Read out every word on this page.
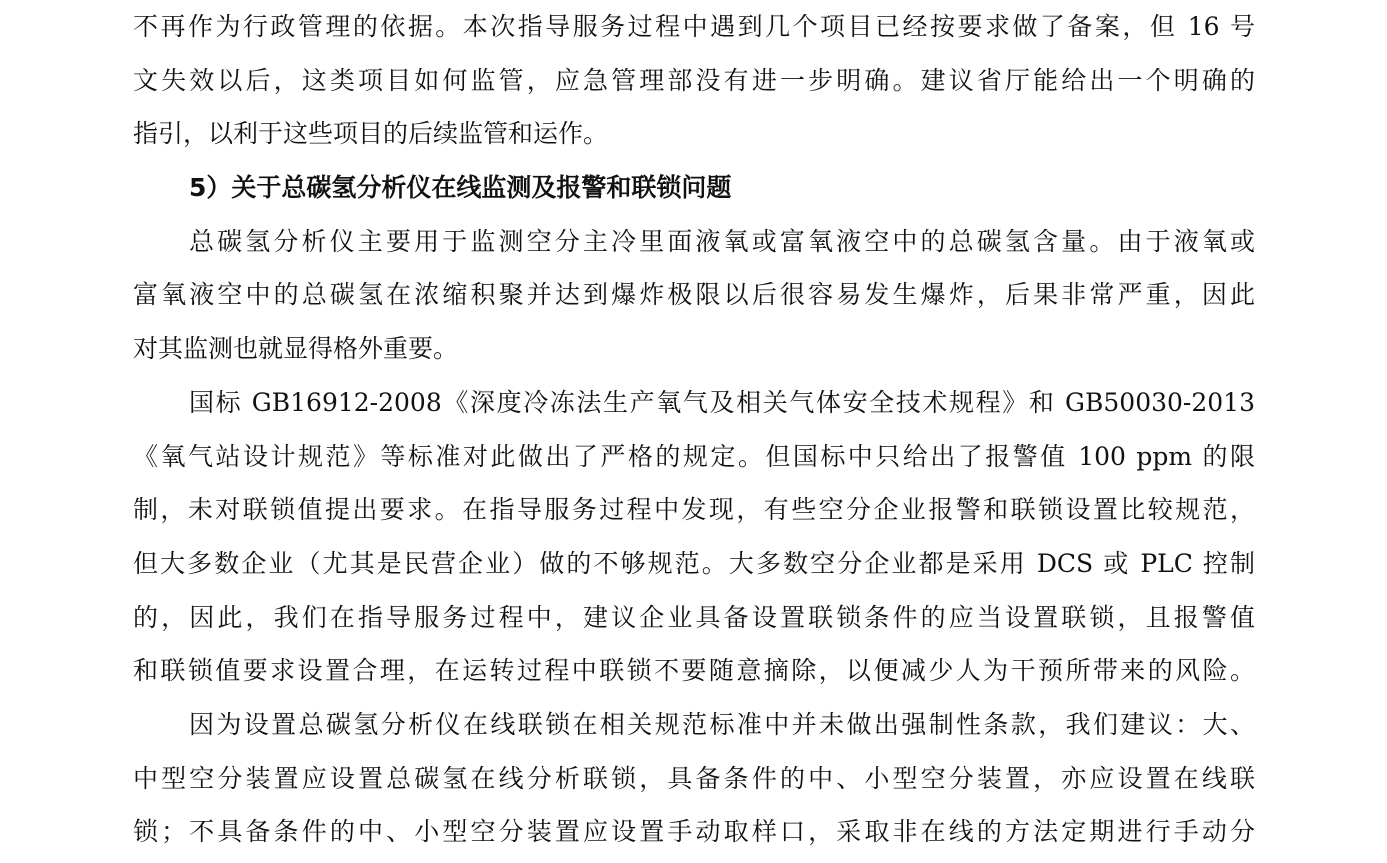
不再作为行政管理的依据。本次指导服务过程中遇到几个项目已经按要求做了备案，但 16 号
文失效以后，这类项目如何监管，应急管理部没有进一步明确。建议省厅能给出一个明确的
指引，以利于这些项目的后续监管和运作。
5）关于总碳氢分析仪在线监测及报警和联锁问题
总碳氢分析仪主要用于监测空分主冷里面液氧或富氧液空中的总碳氢含量。由于液氧或
富氧液空中的总碳氢在浓缩积聚并达到爆炸极限以后很容易发生爆炸，后果非常严重，因此
对其监测也就显得格外重要。
国标 GB16912-2008《深度冷冻法生产氧气及相关气体安全技术规程》和 GB50030-2013
《氧气站设计规范》等标准对此做出了严格的规定。但国标中只给出了报警值 100 ppm 的限
制，未对联锁值提出要求。在指导服务过程中发现，有些空分企业报警和联锁设置比较规范，
但大多数企业（尤其是民营企业）做的不够规范。大多数空分企业都是采用 DCS 或 PLC 控制
的，因此，我们在指导服务过程中，建议企业具备设置联锁条件的应当设置联锁，且报警值
和联锁值要求设置合理，在运转过程中联锁不要随意摘除，以便减少人为干预所带来的风险。
因为设置总碳氢分析仪在线联锁在相关规范标准中并未做出强制性条款，我们建议：大、
中型空分装置应设置总碳氢在线分析联锁，具备条件的中、小型空分装置，亦应设置在线联
锁；不具备条件的中、小型空分装置应设置手动取样口，采取非在线的方法定期进行手动分
